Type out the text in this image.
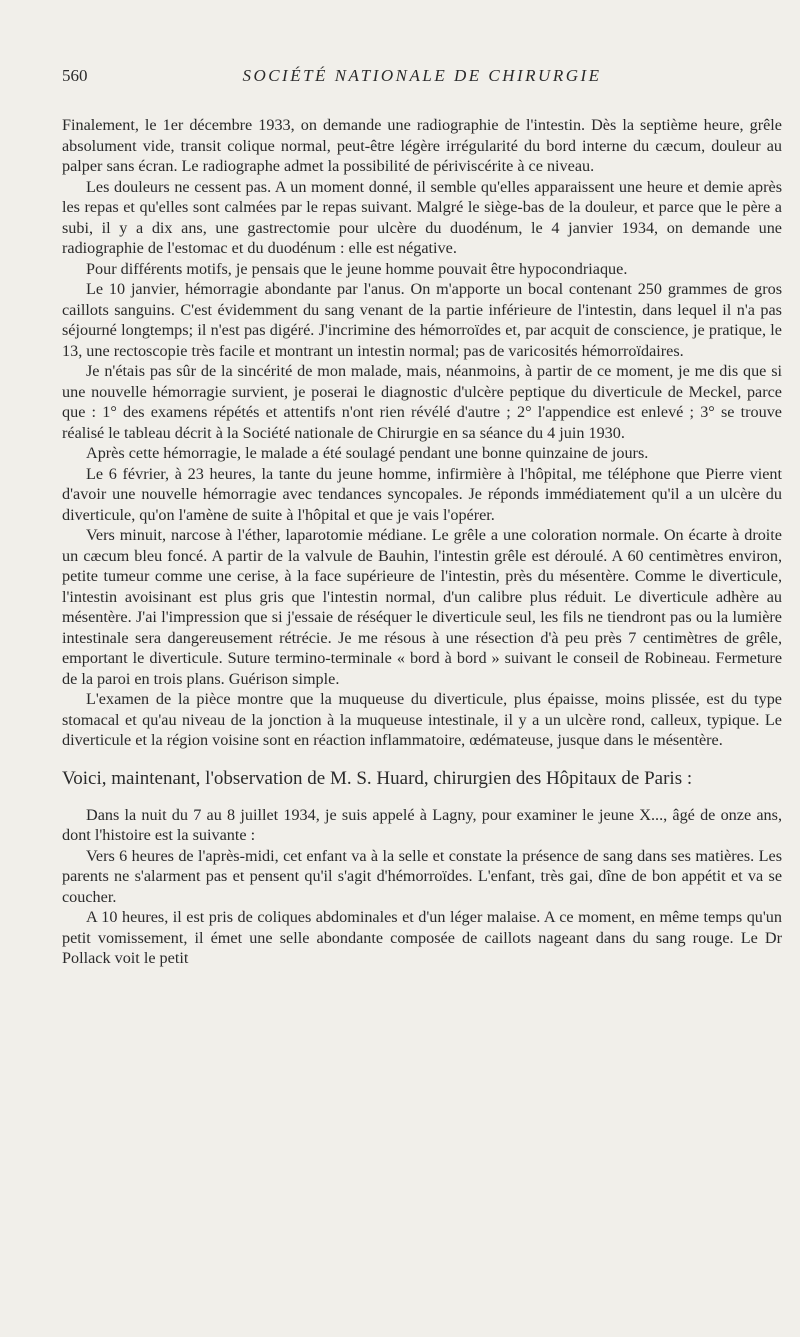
560	SOCIÉTÉ NATIONALE DE CHIRURGIE

Finalement, le 1er décembre 1933, on demande une radiographie de l'intestin. Dès la septième heure, grêle absolument vide, transit colique normal, peut-être légère irrégularité du bord interne du cæcum, douleur au palper sans écran. Le radiographe admet la possibilité de périviscérite à ce niveau.

Les douleurs ne cessent pas. A un moment donné, il semble qu'elles apparaissent une heure et demie après les repas et qu'elles sont calmées par le repas suivant. Malgré le siège-bas de la douleur, et parce que le père a subi, il y a dix ans, une gastrectomie pour ulcère du duodénum, le 4 janvier 1934, on demande une radiographie de l'estomac et du duodénum : elle est négative.

Pour différents motifs, je pensais que le jeune homme pouvait être hypocondriaque.

Le 10 janvier, hémorragie abondante par l'anus. On m'apporte un bocal contenant 250 grammes de gros caillots sanguins. C'est évidemment du sang venant de la partie inférieure de l'intestin, dans lequel il n'a pas séjourné longtemps; il n'est pas digéré. J'incrimine des hémorroïdes et, par acquit de conscience, je pratique, le 13, une rectoscopie très facile et montrant un intestin normal; pas de varicosités hémorroïdaires.

Je n'étais pas sûr de la sincérité de mon malade, mais, néanmoins, à partir de ce moment, je me dis que si une nouvelle hémorragie survient, je poserai le diagnostic d'ulcère peptique du diverticule de Meckel, parce que : 1° des examens répétés et attentifs n'ont rien révélé d'autre ; 2° l'appendice est enlevé ; 3° se trouve réalisé le tableau décrit à la Société nationale de Chirurgie en sa séance du 4 juin 1930.

Après cette hémorragie, le malade a été soulagé pendant une bonne quinzaine de jours.

Le 6 février, à 23 heures, la tante du jeune homme, infirmière à l'hôpital, me téléphone que Pierre vient d'avoir une nouvelle hémorragie avec tendances syncopales. Je réponds immédiatement qu'il a un ulcère du diverticule, qu'on l'amène de suite à l'hôpital et que je vais l'opérer.

Vers minuit, narcose à l'éther, laparotomie médiane. Le grêle a une coloration normale. On écarte à droite un cæcum bleu foncé. A partir de la valvule de Bauhin, l'intestin grêle est déroulé. A 60 centimètres environ, petite tumeur comme une cerise, à la face supérieure de l'intestin, près du mésentère. Comme le diverticule, l'intestin avoisinant est plus gris que l'intestin normal, d'un calibre plus réduit. Le diverticule adhère au mésentère. J'ai l'impression que si j'essaie de réséquer le diverticule seul, les fils ne tiendront pas ou la lumière intestinale sera dangereusement rétrécie. Je me résous à une résection d'à peu près 7 centimètres de grêle, emportant le diverticule. Suture termino-terminale « bord à bord » suivant le conseil de Robineau. Fermeture de la paroi en trois plans. Guérison simple.

L'examen de la pièce montre que la muqueuse du diverticule, plus épaisse, moins plissée, est du type stomacal et qu'au niveau de la jonction à la muqueuse intestinale, il y a un ulcère rond, calleux, typique. Le diverticule et la région voisine sont en réaction inflammatoire, œdémateuse, jusque dans le mésentère.

Voici, maintenant, l'observation de M. S. Huard, chirurgien des Hôpitaux de Paris :

Dans la nuit du 7 au 8 juillet 1934, je suis appelé à Lagny, pour examiner le jeune X..., âgé de onze ans, dont l'histoire est la suivante :

Vers 6 heures de l'après-midi, cet enfant va à la selle et constate la présence de sang dans ses matières. Les parents ne s'alarment pas et pensent qu'il s'agit d'hémorroïdes. L'enfant, très gai, dîne de bon appétit et va se coucher.

A 10 heures, il est pris de coliques abdominales et d'un léger malaise. A ce moment, en même temps qu'un petit vomissement, il émet une selle abondante composée de caillots nageant dans du sang rouge. Le Dr Pollack voit le petit
